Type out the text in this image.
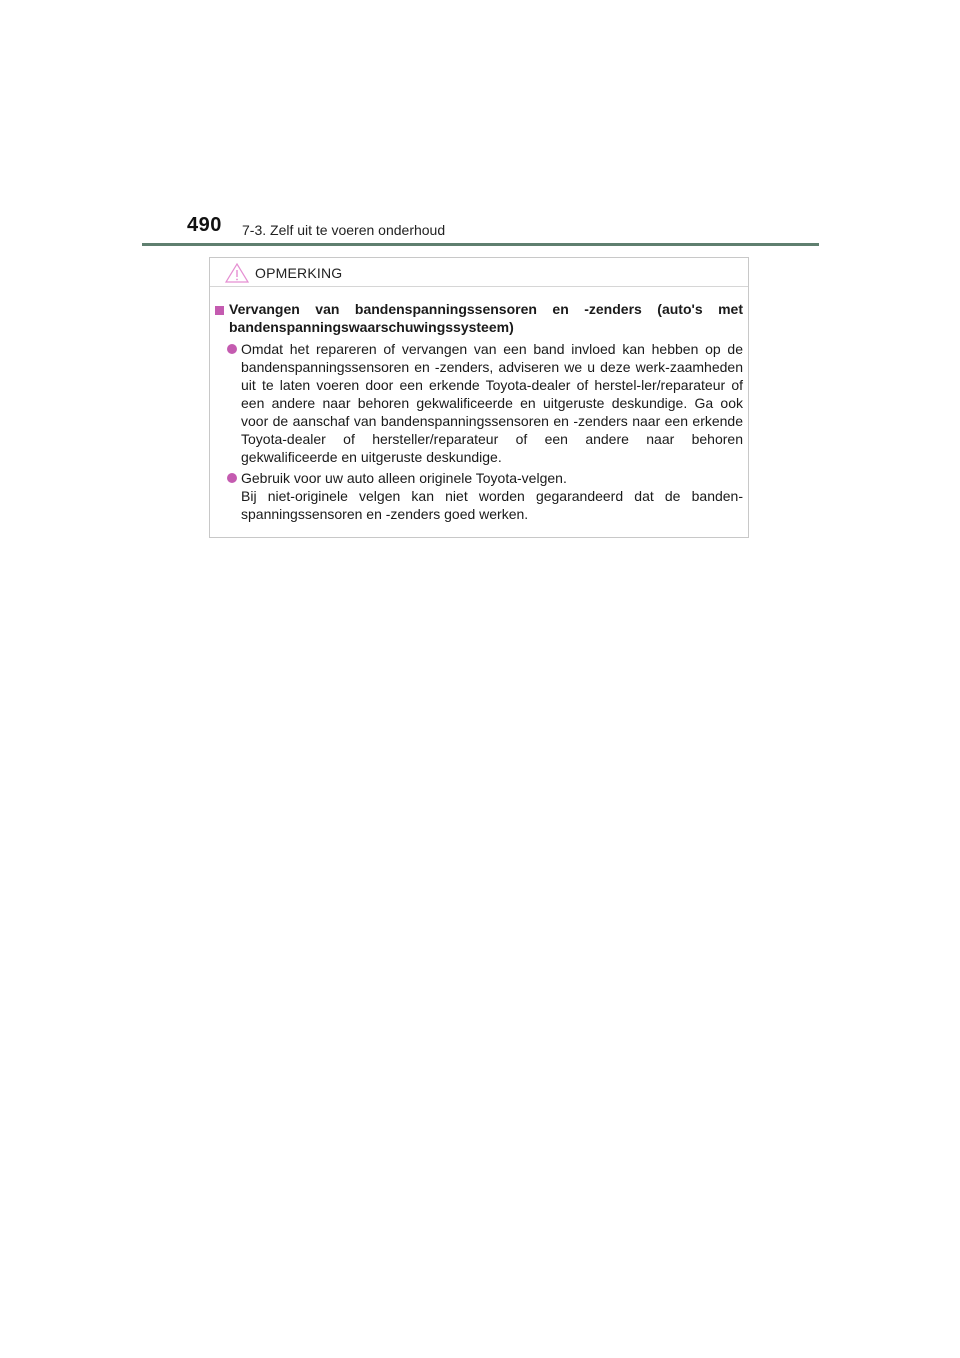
490 7-3. Zelf uit te voeren onderhoud
OPMERKING
Vervangen van bandenspanningssensoren en -zenders (auto's met bandenspanningswaarschuwingssysteem)
Omdat het repareren of vervangen van een band invloed kan hebben op de bandenspanningssensoren en -zenders, adviseren we u deze werk-zaamheden uit te laten voeren door een erkende Toyota-dealer of herstel-ler/reparateur of een andere naar behoren gekwalificeerde en uitgeruste deskundige. Ga ook voor de aanschaf van bandenspanningssensoren en -zenders naar een erkende Toyota-dealer of hersteller/reparateur of een andere naar behoren gekwalificeerde en uitgeruste deskundige.
Gebruik voor uw auto alleen originele Toyota-velgen.
Bij niet-originele velgen kan niet worden gegarandeerd dat de banden-spanningssensoren en -zenders goed werken.
